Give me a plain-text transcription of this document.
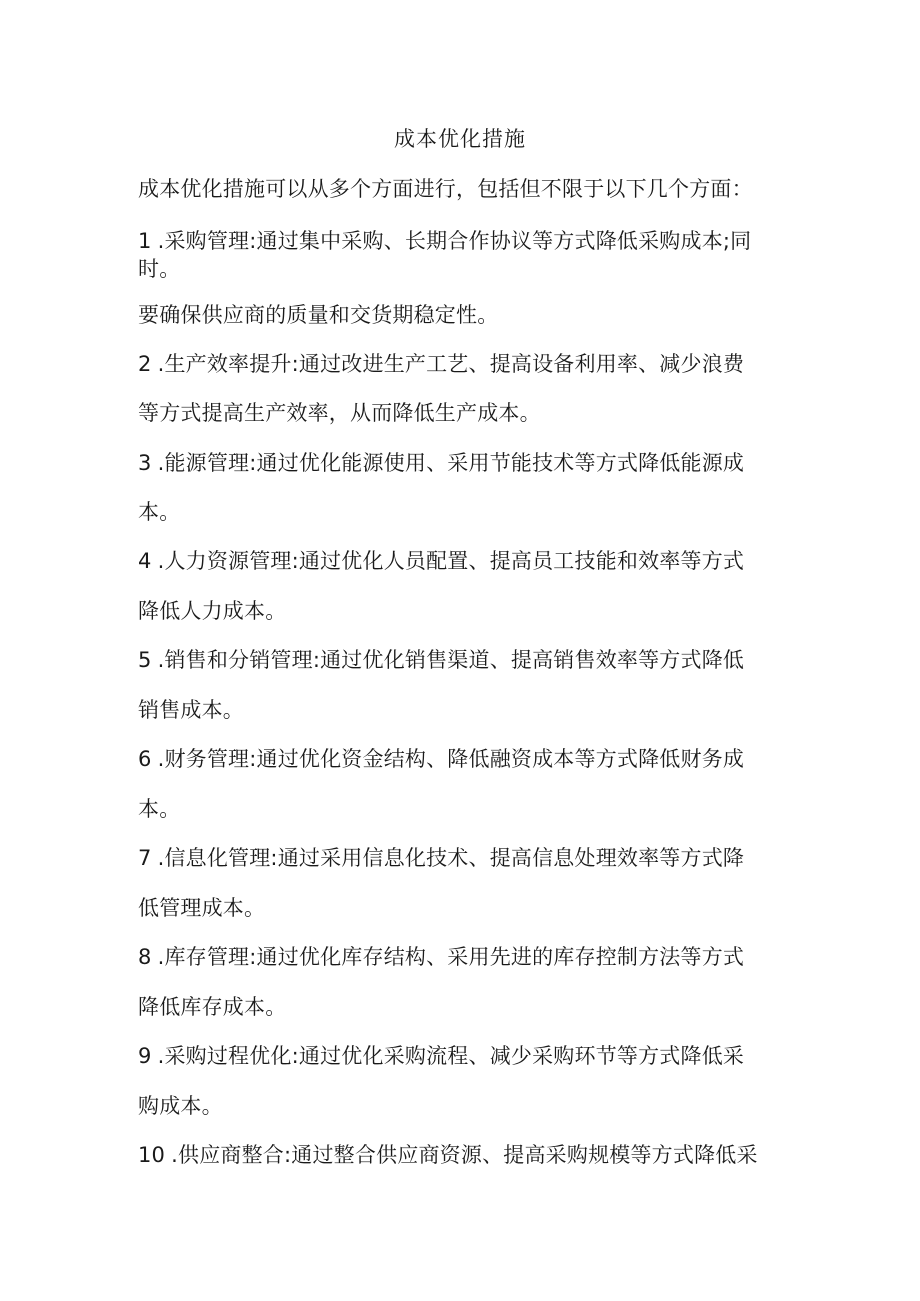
成本优化措施
成本优化措施可以从多个方面进行，包括但不限于以下几个方面：
1 .采购管理:通过集中采购、长期合作协议等方式降低采购成本;同
时。
要确保供应商的质量和交货期稳定性。
2 .生产效率提升:通过改进生产工艺、提高设备利用率、减少浪费
等方式提高生产效率，从而降低生产成本。
3 .能源管理:通过优化能源使用、采用节能技术等方式降低能源成
本。
4 .人力资源管理:通过优化人员配置、提高员工技能和效率等方式
降低人力成本。
5 .销售和分销管理:通过优化销售渠道、提高销售效率等方式降低
销售成本。
6 .财务管理:通过优化资金结构、降低融资成本等方式降低财务成
本。
7 .信息化管理:通过采用信息化技术、提高信息处理效率等方式降
低管理成本。
8 .库存管理:通过优化库存结构、采用先进的库存控制方法等方式
降低库存成本。
9 .采购过程优化:通过优化采购流程、减少采购环节等方式降低采
购成本。
10 .供应商整合:通过整合供应商资源、提高采购规模等方式降低采
